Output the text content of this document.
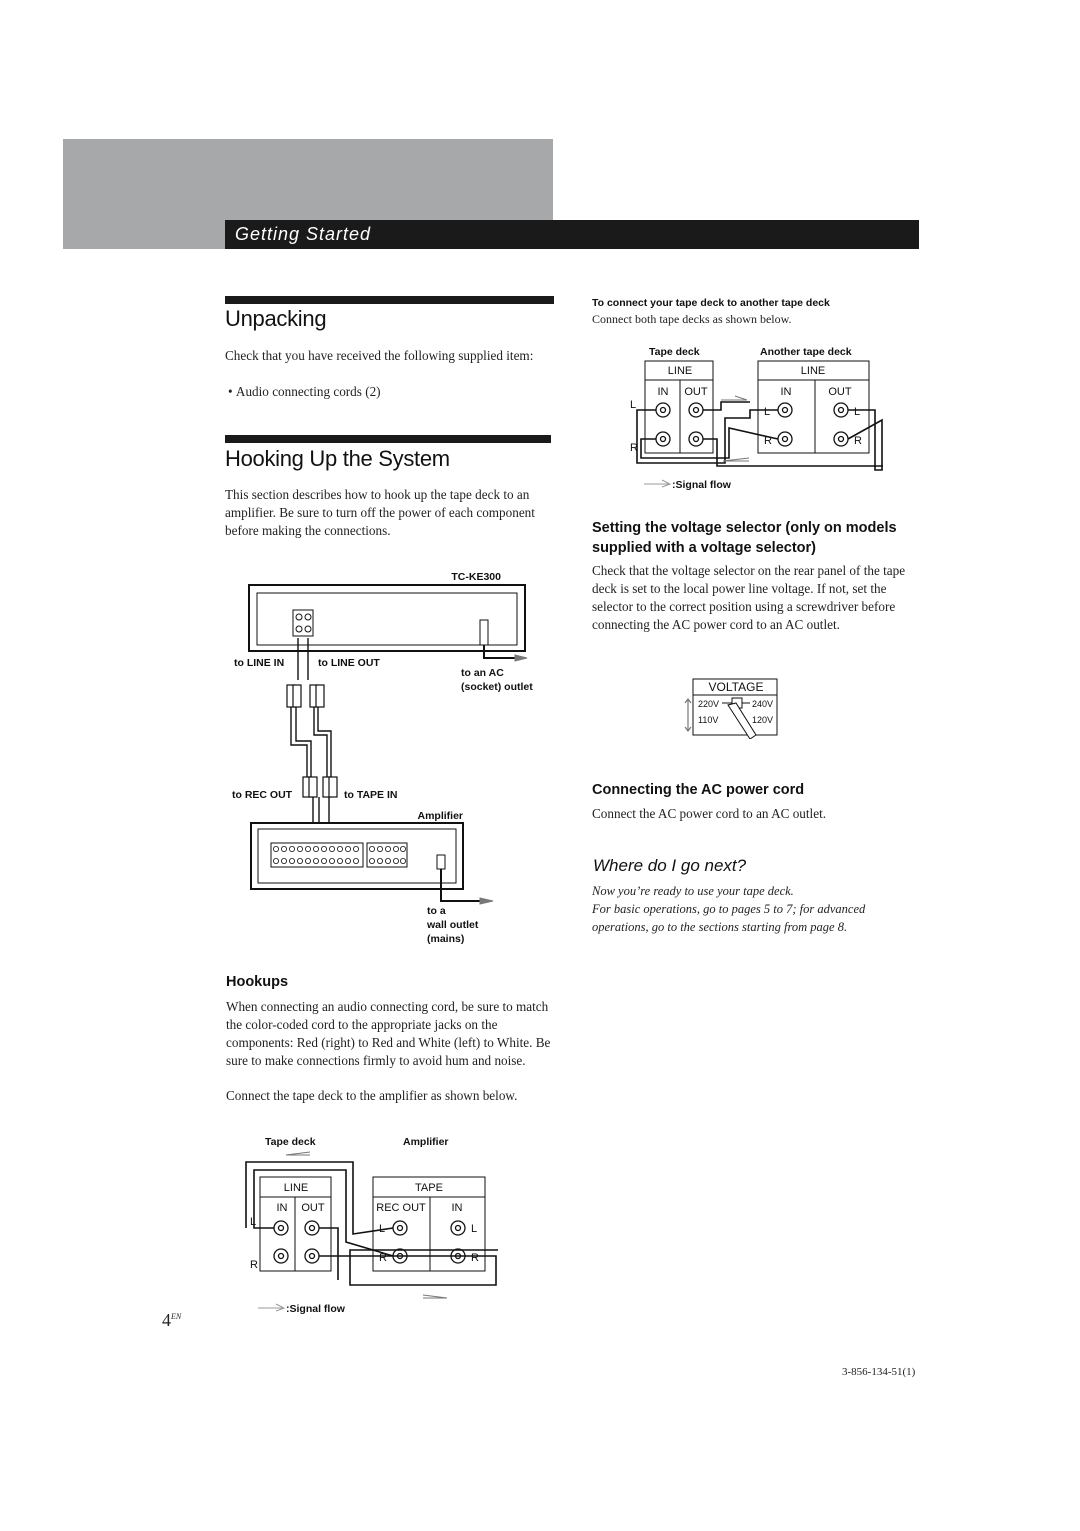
Getting Started
Unpacking
Check that you have received the following supplied item:
• Audio connecting cords (2)
Hooking Up the System
This section describes how to hook up the tape deck to an amplifier. Be sure to turn off the power of each component before making the connections.
TC-KE300
to LINE IN	to LINE OUT
to an AC
(socket) outlet
to REC OUT	to TAPE IN
Amplifier
to a
wall outlet
(mains)
Hookups
When connecting an audio connecting cord, be sure to match the color-coded cord to the appropriate jacks on the components: Red (right) to Red and White (left) to White. Be sure to make connections firmly to avoid hum and noise.
Connect the tape deck to the amplifier as shown below.
Tape deck	Amplifier
LINE
IN OUT
L
R
TAPE
REC OUT IN
L
R
L
R
:Signal flow
$4^{EN}$
To connect your tape deck to another tape deck
Connect both tape decks as shown below.
Tape deck	Another tape deck
LINE
IN OUT
L
R
LINE
IN	OUT
L
R
L
R
:Signal flow
Setting the voltage selector (only on models supplied with a voltage selector)
Check that the voltage selector on the rear panel of the tape deck is set to the local power line voltage. If not, set the selector to the correct position using a screwdriver before connecting the AC power cord to an AC outlet.
VOLTAGE
220V	240V
110V	120V
Connecting the AC power cord
Connect the AC power cord to an AC outlet.
Where do I go next?
Now you’re ready to use your tape deck.
For basic operations, go to pages 5 to 7; for advanced operations, go to the sections starting from page 8.
3-856-134-51(1)
